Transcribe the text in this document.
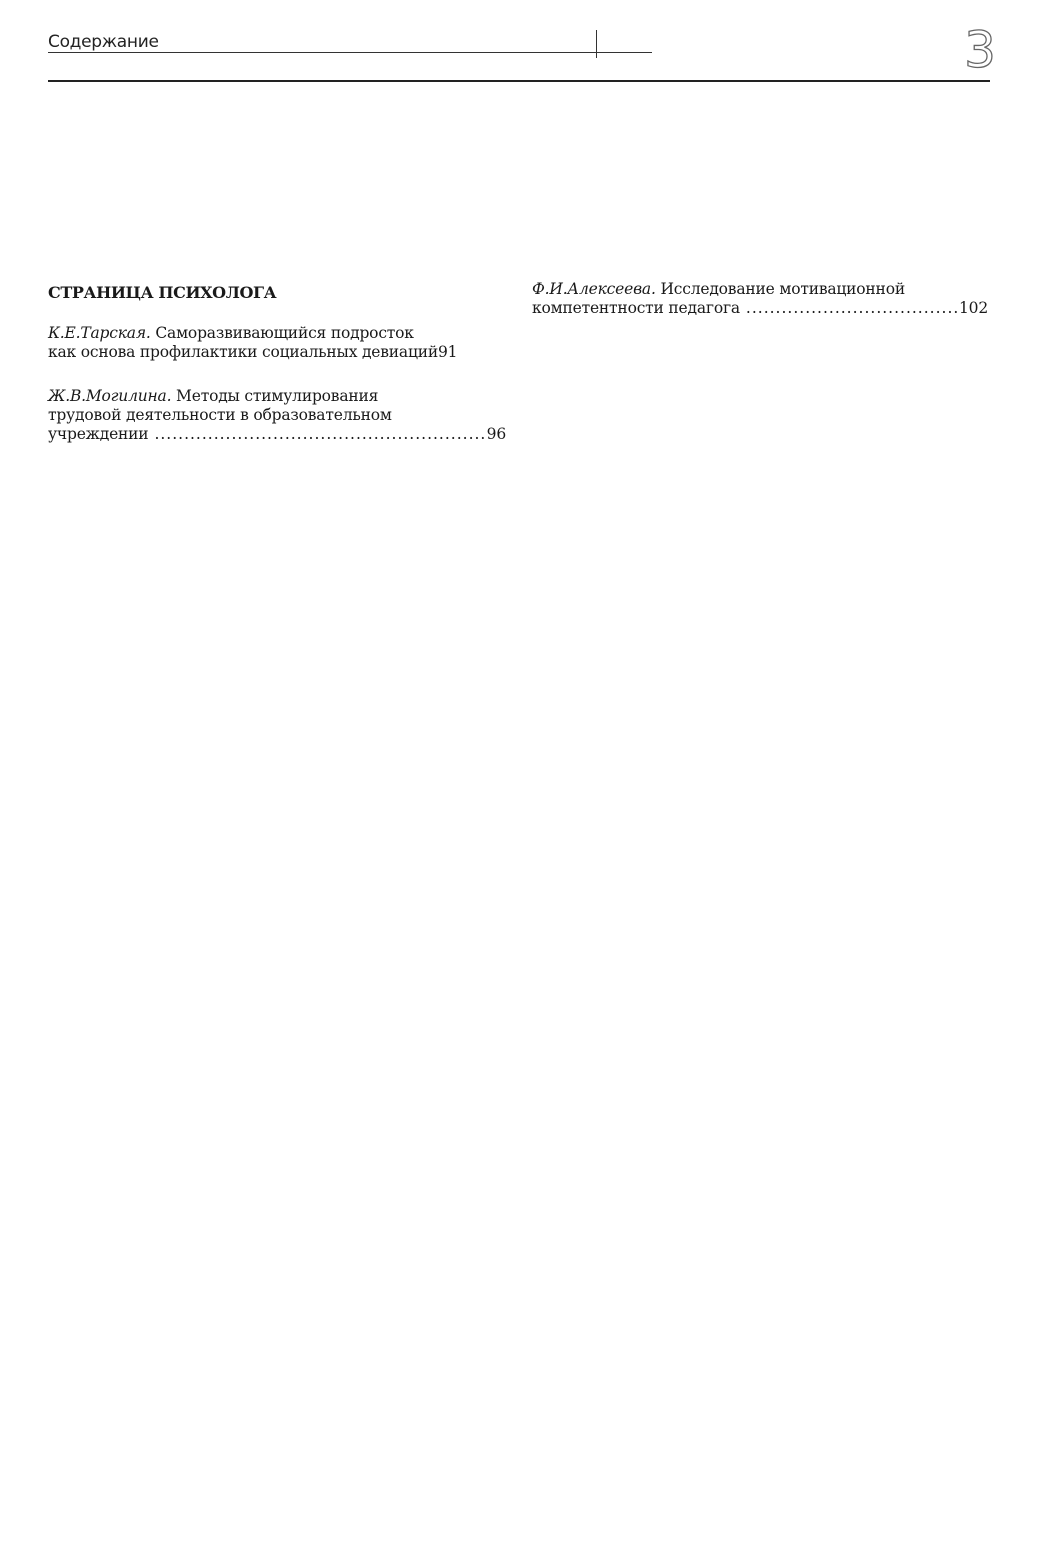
Содержание	3
СТРАНИЦА ПСИХОЛОГА
К.Е.Тарская. Саморазвивающийся подросток
как основа профилактики социальных девиаций 91
Ж.В.Могилина. Методы стимулирования
трудовой деятельности в образовательном
учреждении .....	96
Ф.И.Алексеева. Исследование мотивационной
компетентности педагога .....	102
